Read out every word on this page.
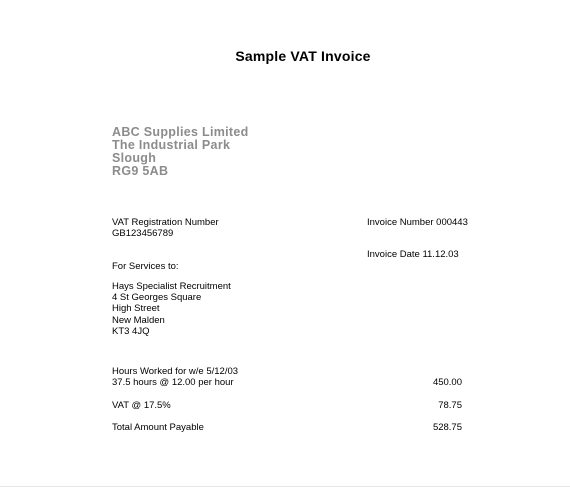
Sample VAT Invoice
ABC Supplies Limited
The Industrial Park
Slough
RG9 5AB
VAT Registration Number
GB123456789
Invoice Number 000443
Invoice Date 11.12.03
For Services to:
Hays Specialist Recruitment
4 St Georges Square
High Street
New Malden
KT3 4JQ
Hours Worked for w/e 5/12/03
37.5 hours @ 12.00 per hour	450.00
VAT @ 17.5%	78.75
Total Amount Payable	528.75
